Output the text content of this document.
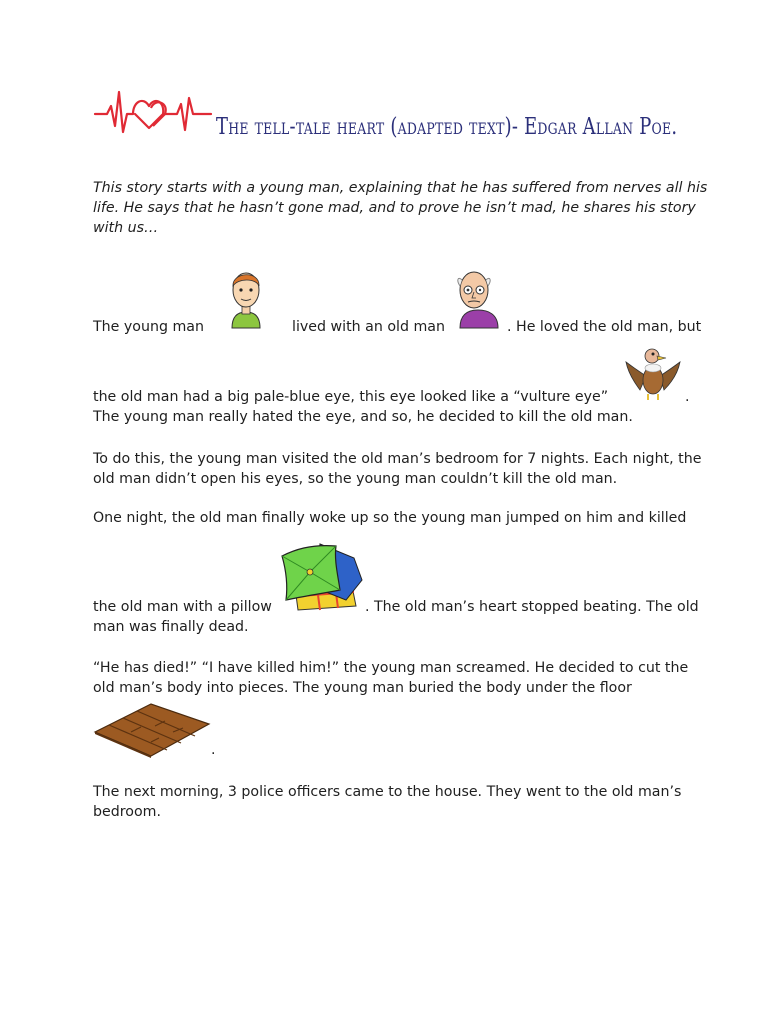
The tell-tale heart (adapted text)- Edgar Allan Poe.
This story starts with a young man, explaining that he has suffered from nerves all his life. He says that he hasn’t gone mad, and to prove he isn’t mad, he shares his story with us…
The young man	lived with an old man	. He loved the old man, but
the old man had a big pale-blue eye, this eye looked like a “vulture eye”	.
The young man really hated the eye, and so, he decided to kill the old man.
To do this, the young man visited the old man’s bedroom for 7 nights. Each night, the old man didn’t open his eyes, so the young man couldn’t kill the old man.
One night, the old man finally woke up so the young man jumped on him and killed
the old man with a pillow	. The old man’s heart stopped beating. The old
man was finally dead.
“He has died!” “I have killed him!” the young man screamed. He decided to cut the
old man’s body into pieces. The young man buried the body under the floor
.
The next morning, 3 police officers came to the house. They went to the old man’s bedroom.
